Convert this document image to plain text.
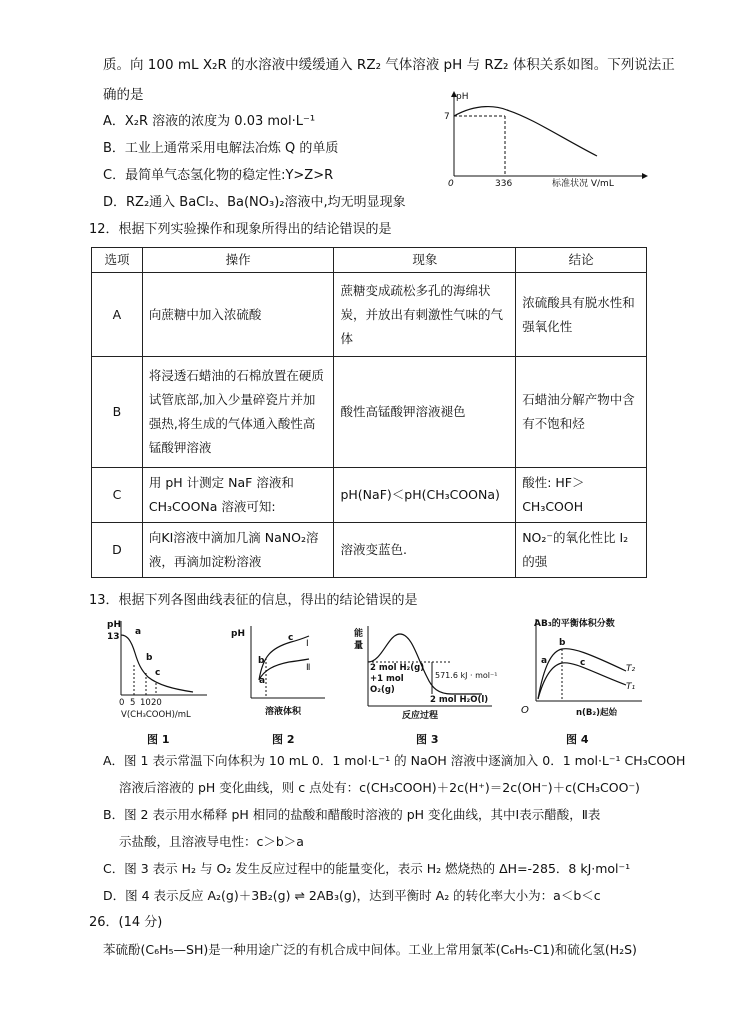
质。向 100 mL X₂R 的水溶液中缓缓通入 RZ₂ 气体溶液 pH 与 RZ₂ 体积关系如图。下列说法正
确的是
A．X₂R 溶液的浓度为 0.03 mol·L⁻¹
B．工业上通常采用电解法冶炼 Q 的单质
C．最简单气态氢化物的稳定性:Y>Z>R
D．RZ₂通入 BaCl₂、Ba(NO₃)₂溶液中,均无明显现象
pH
7
0	336	标准状况 V/mL
12．根据下列实验操作和现象所得出的结论错误的是
选项	操作	现象	结论
A	向蔗糖中加入浓硫酸	蔗糖变成疏松多孔的海绵状炭，并放出有刺激性气味的气体	浓硫酸具有脱水性和强氧化性
B	将浸透石蜡油的石棉放置在硬质试管底部,加入少量碎瓷片并加强热,将生成的气体通入酸性高锰酸钾溶液	酸性高锰酸钾溶液褪色	石蜡油分解产物中含有不饱和烃
C	用 pH 计测定 NaF 溶液和 CH₃COONa 溶液可知:	pH(NaF)＜pH(CH₃COONa)	酸性: HF＞CH₃COOH
D	向KI溶液中滴加几滴 NaNO₂溶液，再滴加淀粉溶液	溶液变蓝色.	NO₂⁻的氧化性比 I₂的强
13．根据下列各图曲线表征的信息，得出的结论错误的是
pH
13 a
b
c
0 5 10 20
V(CH₃COOH)/mL
图 1
pH
b
a
c
Ⅰ
Ⅱ
溶液体积
图 2
能
量
2 mol H₂(g)
+1 mol
O₂(g)
571.6 kJ · mol⁻¹
2 mol H₂O(l)
反应过程
图 3
AB₃的平衡体积分数
O
a
b
c
T₂
T₁
n(B₂)起始
图 4
A．图 1 表示常温下向体积为 10 mL 0．1 mol·L⁻¹ 的 NaOH 溶液中逐滴加入 0．1 mol·L⁻¹ CH₃COOH
溶液后溶液的 pH 变化曲线，则 c 点处有：c(CH₃COOH)＋2c(H⁺)＝2c(OH⁻)＋c(CH₃COO⁻)
B．图 2 表示用水稀释 pH 相同的盐酸和醋酸时溶液的 pH 变化曲线，其中Ⅰ表示醋酸，Ⅱ表
示盐酸，且溶液导电性：c＞b＞a
C．图 3 表示 H₂ 与 O₂ 发生反应过程中的能量变化，表示 H₂ 燃烧热的 ΔH=-285．8 kJ·mol⁻¹
D．图 4 表示反应 A₂(g)＋3B₂(g) ⇌ 2AB₃(g)，达到平衡时 A₂ 的转化率大小为：a＜b＜c
26．(14 分)
苯硫酚(C₆H₅—SH)是一种用途广泛的有机合成中间体。工业上常用氯苯(C₆H₅-C1)和硫化氢(H₂S)
